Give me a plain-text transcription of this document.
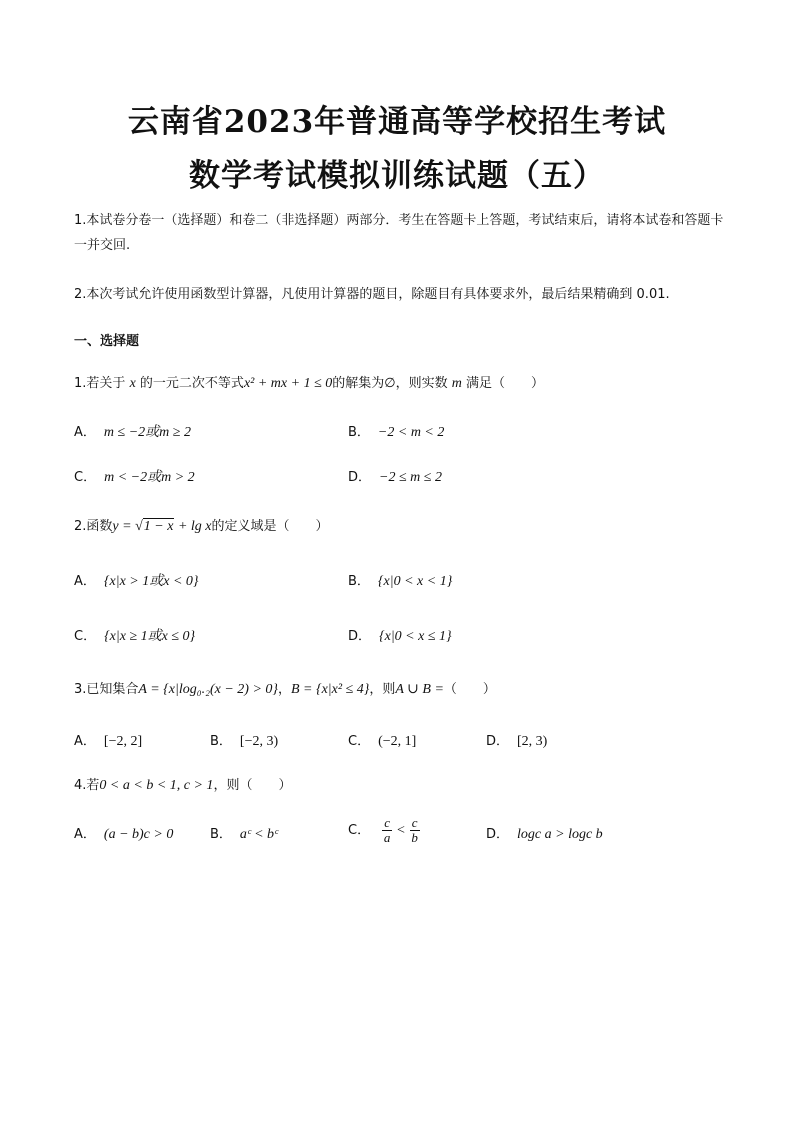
云南省2023年普通高等学校招生考试
数学考试模拟训练试题（五）
1.本试卷分卷一（选择题）和卷二（非选择题）两部分．考生在答题卡上答题，考试结束后，请将本试卷和答题卡一并交回.
2.本次考试允许使用函数型计算器，凡使用计算器的题目，除题目有具体要求外，最后结果精确到 0.01.
一、选择题
1.若关于 x 的一元二次不等式x² + mx + 1 ≤ 0的解集为∅，则实数 m 满足（　　）
A． m ≤ −2或m ≥ 2	B． −2 < m < 2
C． m < −2或m > 2	D． −2 ≤ m ≤ 2
2.函数y = √1 − x + lg x的定义域是（　　）
A． {x|x > 1或x < 0}	B． {x|0 < x < 1}
C． {x|x ≥ 1或x ≤ 0}	D． {x|0 < x ≤ 1}
3.已知集合A = {x|log₀.₂(x − 2) > 0}，B = {x|x² ≤ 4}，则A ∪ B =（　　）
A． [−2, 2]	B． [−2, 3)	C． (−2, 1]	D． [2, 3)
4.若0 < a < b < 1, c > 1，则（　　）
A． (a − b)c > 0	B． aᶜ < bᶜ	C． $\frac{c}{a} < \frac{c}{b}$	D． logc a > logc b
